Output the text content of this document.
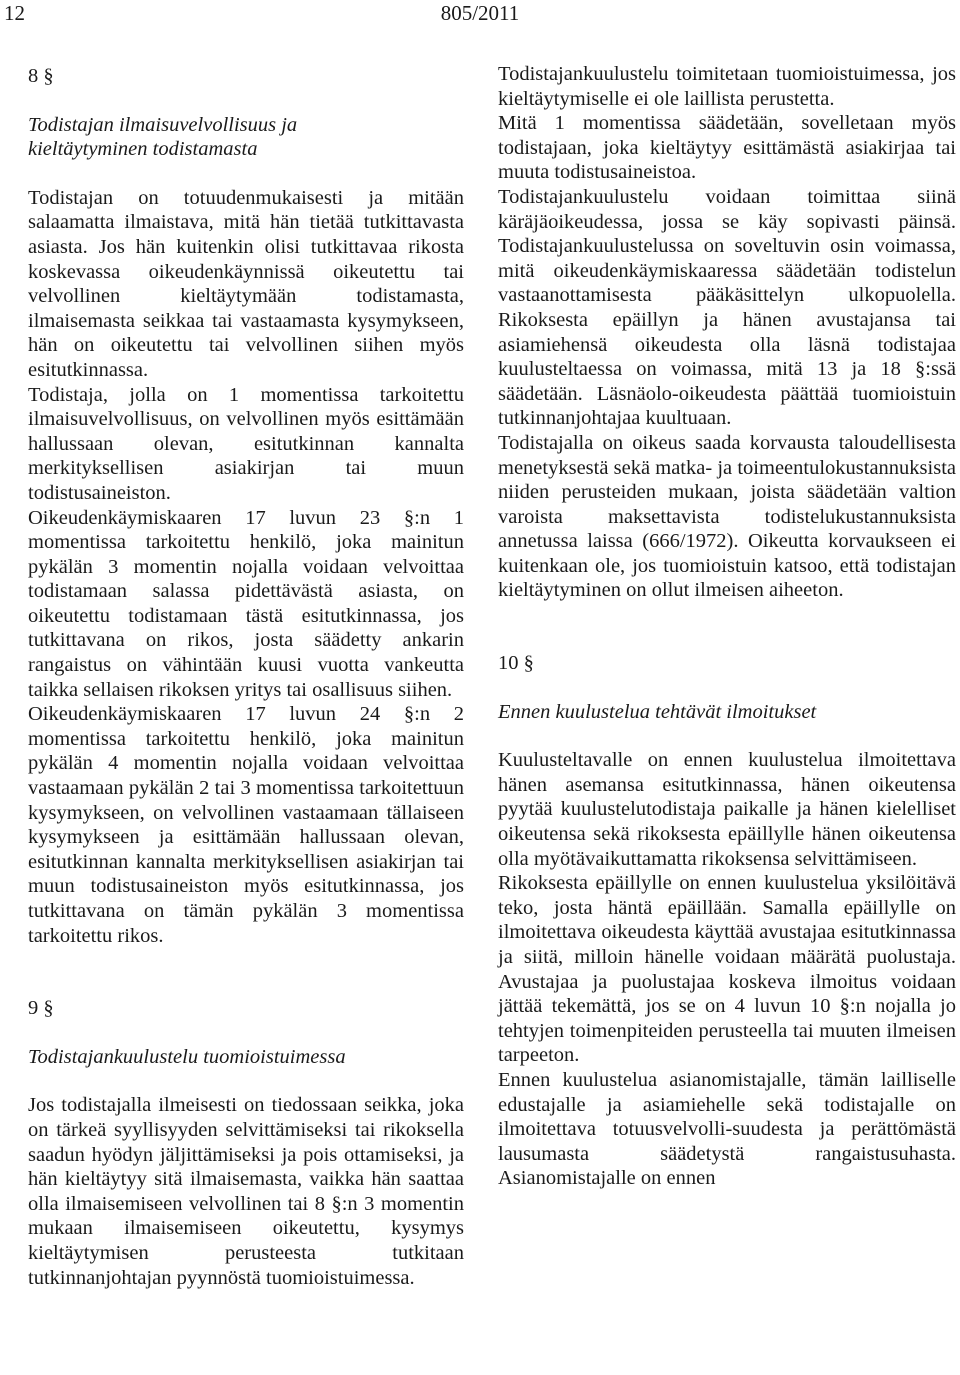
12	805/2011

8 §

Todistajan ilmaisuvelvollisuus ja

kieltäytyminen todistamasta

Todistajan on totuudenmukaisesti ja mitään salaamatta ilmaistava, mitä hän tietää tutkittavasta asiasta. Jos hän kuitenkin olisi tutkittavaa rikosta koskevassa oikeudenkäynnissä oikeutettu tai velvollinen kieltäytymään todistamasta, ilmaisemasta seikkaa tai vastaamasta kysymykseen, hän on oikeutettu tai velvollinen siihen myös esitutkinnassa.

Todistaja, jolla on 1 momentissa tarkoitettu ilmaisuvelvollisuus, on velvollinen myös esittämään hallussaan olevan, esitutkinnan kannalta merkityksellisen asiakirjan tai muun todistusaineiston.

Oikeudenkäymiskaaren 17 luvun 23 §:n 1 momentissa tarkoitettu henkilö, joka mainitun pykälän 3 momentin nojalla voidaan velvoittaa todistamaan salassa pidettävästä asiasta, on oikeutettu todistamaan tästä esitutkinnassa, jos tutkittavana on rikos, josta säädetty ankarin rangaistus on vähintään kuusi vuotta vankeutta taikka sellaisen rikoksen yritys tai osallisuus siihen.

Oikeudenkäymiskaaren 17 luvun 24 §:n 2 momentissa tarkoitettu henkilö, joka mainitun pykälän 4 momentin nojalla voidaan velvoittaa vastaamaan pykälän 2 tai 3 momentissa tarkoitettuun kysymykseen, on velvollinen vastaamaan tällaiseen kysymykseen ja esittämään hallussaan olevan, esitutkinnan kannalta merkityksellisen asiakirjan tai muun todistusaineiston myös esitutkinnassa, jos tutkittavana on tämän pykälän 3 momentissa tarkoitettu rikos.

9 §

Todistajankuulustelu tuomioistuimessa

Jos todistajalla ilmeisesti on tiedossaan seikka, joka on tärkeä syyllisyyden selvittämiseksi tai rikoksella saadun hyödyn jäljittämiseksi ja pois ottamiseksi, ja hän kieltäytyy sitä ilmaisemasta, vaikka hän saattaa olla ilmaisemiseen velvollinen tai 8 §:n 3 momentin mukaan ilmaisemiseen oikeutettu, kysymys kieltäytymisen perusteesta tutkitaan tutkinnanjohtajan pyynnöstä tuomioistuimessa.

Todistajankuulustelu toimitetaan tuomioistuimessa, jos kieltäytymiselle ei ole laillista perustetta.

Mitä 1 momentissa säädetään, sovelletaan myös todistajaan, joka kieltäytyy esittämästä asiakirjaa tai muuta todistusaineistoa.

Todistajankuulustelu voidaan toimittaa siinä käräjäoikeudessa, jossa se käy sopivasti päinsä. Todistajankuulustelussa on soveltuvin osin voimassa, mitä oikeudenkäymiskaaressa säädetään todistelun vastaanottamisesta pääkäsittelyn ulkopuolella. Rikoksesta epäillyn ja hänen avustajansa tai asiamiehensä oikeudesta olla läsnä todistajaa kuulusteltaessa on voimassa, mitä 13 ja 18 §:ssä säädetään. Läsnäolo-oikeudesta päättää tuomioistuin tutkinnanjohtajaa kuultuaan.

Todistajalla on oikeus saada korvausta taloudellisesta menetyksestä sekä matka- ja toimeentulokustannuksista niiden perusteiden mukaan, joista säädetään valtion varoista maksettavista todistelukustannuksista annetussa laissa (666/1972). Oikeutta korvaukseen ei kuitenkaan ole, jos tuomioistuin katsoo, että todistajan kieltäytyminen on ollut ilmeisen aiheeton.

10 §

Ennen kuulustelua tehtävät ilmoitukset

Kuulusteltavalle on ennen kuulustelua ilmoitettava hänen asemansa esitutkinnassa, hänen oikeutensa pyytää kuulustelutodistaja paikalle ja hänen kielelliset oikeutensa sekä rikoksesta epäillylle hänen oikeutensa olla myötävaikuttamatta rikoksensa selvittämiseen.

Rikoksesta epäillylle on ennen kuulustelua yksilöitävä teko, josta häntä epäillään. Samalla epäillylle on ilmoitettava oikeudesta käyttää avustajaa esitutkinnassa ja siitä, milloin hänelle voidaan määrätä puolustaja. Avustajaa ja puolustajaa koskeva ilmoitus voidaan jättää tekemättä, jos se on 4 luvun 10 §:n nojalla jo tehtyjen toimenpiteiden perusteella tai muuten ilmeisen tarpeeton.

Ennen kuulustelua asianomistajalle, tämän lailliselle edustajalle ja asiamiehelle sekä todistajalle on ilmoitettava totuusvelvolli-suudesta ja perättömästä lausumasta säädetystä rangaistusuhasta. Asianomistajalle on ennen
